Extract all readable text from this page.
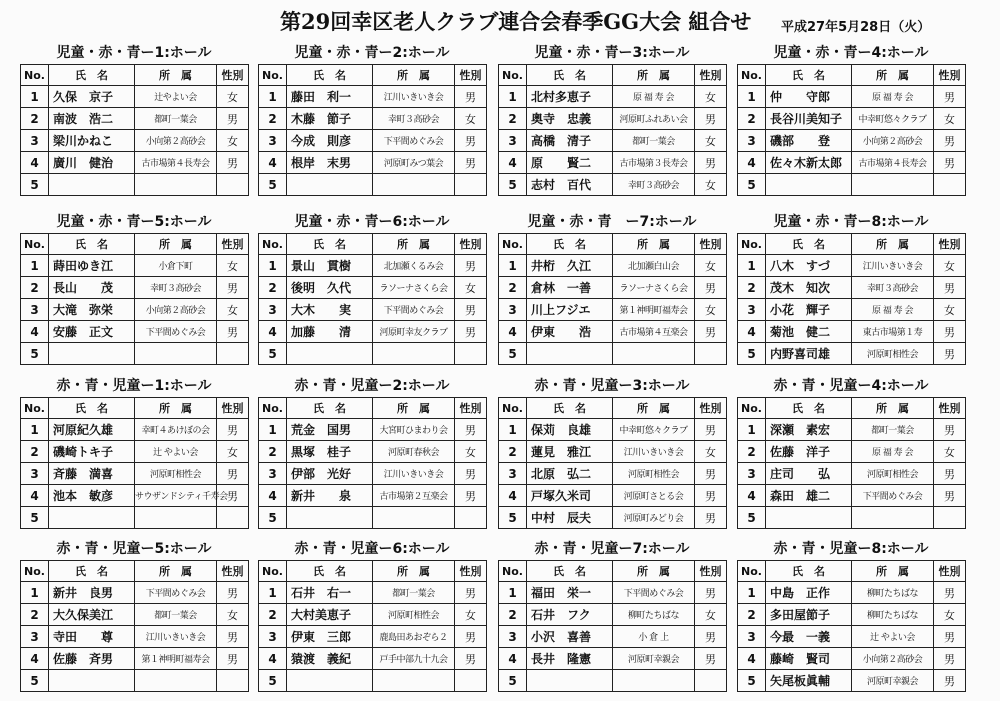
第29回幸区老人クラブ連合会春季GG大会 組合せ 平成27年5月28日（火）
児童・赤・青ー1:ホール
No.	氏　名	所　属	性別
1	久保　京子	辻やよい会	女
2	南波　浩二	都町一葉会	男
3	梁川かねこ	小向第２高砂会	女
4	廣川　健治	古市場第４長寿会	男
5			
児童・赤・青ー2:ホール
No.	氏　名	所　属	性別
1	藤田　利一	江川いきいき会	男
2	木藤　節子	幸町３高砂会	女
3	今成　則彦	下平間めぐみ会	男
4	根岸　末男	河原町みつ葉会	男
5			
児童・赤・青ー3:ホール
No.	氏　名	所　属	性別
1	北村多恵子	原 福 寿 会	女
2	奥寺　忠義	河原町ふれあい会	男
3	高橋　清子	都町一葉会	女
4	原　　賢二	古市場第３長寿会	男
5	志村　百代	幸町３高砂会	女
児童・赤・青ー4:ホール
No.	氏　名	所　属	性別
1	仲　　守郎	原 福 寿 会	男
2	長谷川美知子	中幸町悠々クラブ	女
3	磯部　　登	小向第２高砂会	男
4	佐々木新太郎	古市場第４長寿会	男
5			
児童・赤・青ー5:ホール
No.	氏　名	所　属	性別
1	蒔田ゆき江	小倉下町	女
2	長山　　茂	幸町３高砂会	男
3	大滝　弥栄	小向第２高砂会	女
4	安藤　正文	下平間めぐみ会	男
5			
児童・赤・青ー6:ホール
No.	氏　名	所　属	性別
1	景山　貫樹	北加瀬くるみ会	男
2	後明　久代	ラソーナさくら会	女
3	大木　　実	下平間めぐみ会	男
4	加藤　　清	河原町幸友クラブ	男
5			
児童・赤・青　ー7:ホール
No.	氏　名	所　属	性別
1	井桁　久江	北加瀬白山会	女
2	倉林　一善	ラソーナさくら会	男
3	川上フジエ	第１神明町福寿会	女
4	伊東　　浩	古市場第４互楽会	男
5			
児童・赤・青ー8:ホール
No.	氏　名	所　属	性別
1	八木　すづ	江川いきいき会	女
2	茂木　知次	幸町３高砂会	男
3	小花　輝子	原 福 寿 会	女
4	菊池　健二	東古市場第１寿	男
5	内野喜司雄	河原町相性会	男
赤・青・児童ー1:ホール
No.	氏　名	所　属	性別
1	河原紀久雄	幸町４あけぼの会	男
2	磯崎トキ子	辻 やよい会	女
3	斉藤　満喜	河原町相性会	男
4	池本　敏彦	サウザンドシティ千寿会	男
5			
赤・青・児童ー2:ホール
No.	氏　名	所　属	性別
1	荒金　国男	大宮町ひまわり会	男
2	黒塚　桂子	河原町春秋会	女
3	伊部　光好	江川いきいき会	男
4	新井　　泉	古市場第２互楽会	男
5			
赤・青・児童ー3:ホール
No.	氏　名	所　属	性別
1	保苅　良雄	中幸町悠々クラブ	男
2	蓮見　雅江	江川いきいき会	女
3	北原　弘二	河原町相性会	男
4	戸塚久米司	河原町さとる会	男
5	中村　辰夫	河原町みどり会	男
赤・青・児童ー4:ホール
No.	氏　名	所　属	性別
1	深瀬　素宏	都町一葉会	男
2	佐藤　洋子	原 福 寿 会	女
3	庄司　　弘	河原町相性会	男
4	森田　雄二	下平間めぐみ会	男
5			
赤・青・児童ー5:ホール
No.	氏　名	所　属	性別
1	新井　良男	下平間めぐみ会	男
2	大久保美江	都町一葉会	女
3	寺田　　尊	江川いきいき会	男
4	佐藤　斉男	第１神明町福寿会	男
5			
赤・青・児童ー6:ホール
No.	氏　名	所　属	性別
1	石井　右一	都町一葉会	男
2	大村美恵子	河原町相性会	女
3	伊東　三郎	鹿島田あおぞら２	男
4	猿渡　義紀	戸手中部九十九会	男
5			
赤・青・児童ー7:ホール
No.	氏　名	所　属	性別
1	福田　栄一	下平間めぐみ会	男
2	石井　フク	柳町たちばな	女
3	小沢　喜善	小 倉 上	男
4	長井　隆憲	河原町幸親会	男
5			
赤・青・児童ー8:ホール
No.	氏　名	所　属	性別
1	中島　正作	柳町たちばな	男
2	多田屋節子	柳町たちばな	女
3	今最　一義	辻 やよい会	男
4	藤崎　賢司	小向第２高砂会	男
5	矢尾板眞輔	河原町幸親会	男
